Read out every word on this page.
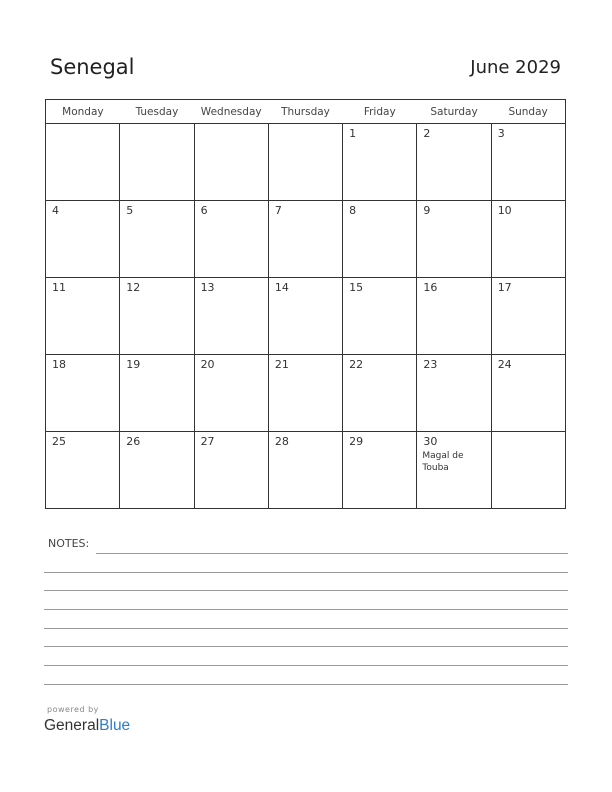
Senegal	June 2029
Monday	Tuesday	Wednesday	Thursday	Friday	Saturday	Sunday

				1	2	3

4	5	6	7	8	9	10

11	12	13	14	15	16	17

18	19	20	21	22	23	24

25	26	27	28	29	30
Magal de Touba	

NOTES:
powered by
GeneralBlue
